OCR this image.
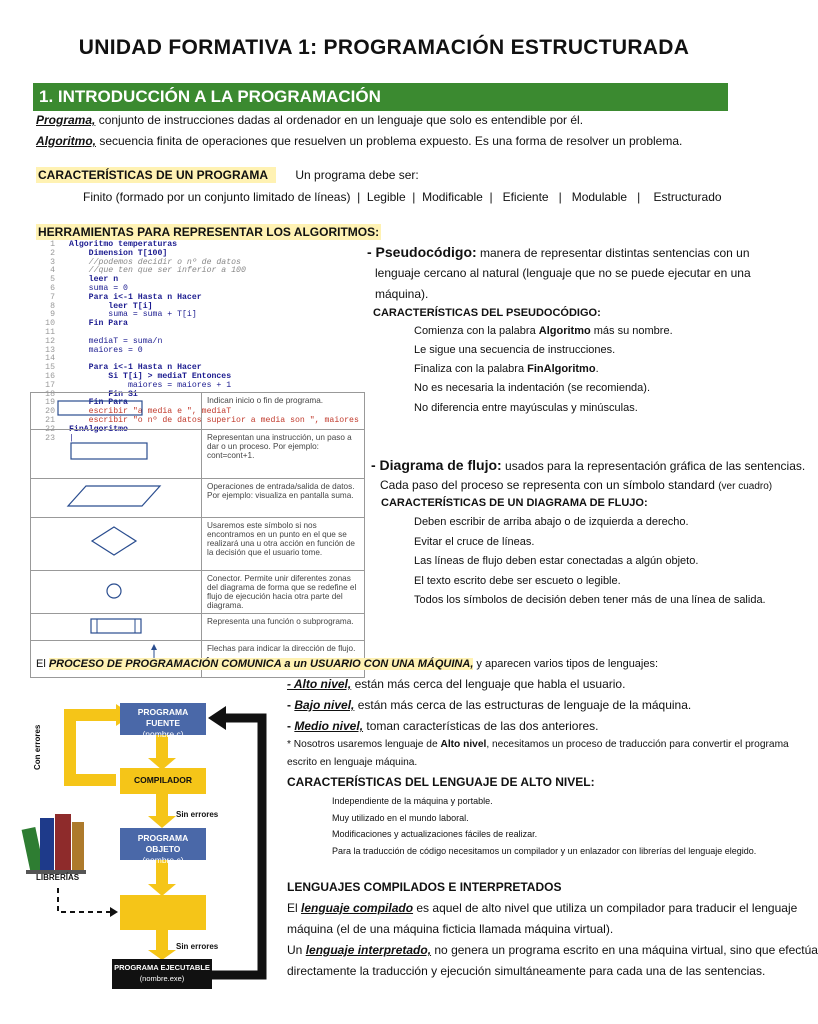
UNIDAD FORMATIVA 1: PROGRAMACIÓN ESTRUCTURADA
1. INTRODUCCIÓN A LA PROGRAMACIÓN
Programa, conjunto de instrucciones dadas al ordenador en un lenguaje que solo es entendible por él.
Algoritmo, secuencia finita de operaciones que resuelven un problema expuesto. Es una forma de resolver un problema.
CARACTERÍSTICAS DE UN PROGRAMA Un programa debe ser:
Finito (formado por un conjunto limitado de líneas)  |  Legible  |  Modificable  |   Eficiente   |   Modulable   |    Estructurado
HERRAMIENTAS PARA REPRESENTAR LOS ALGORITMOS:
1 Algoritmo temperaturas
2    Dimension T[100]
3    //podemos decidir o nº de datos
4    //que ten que ser inferior a 100
5    leer n
6    suma = 0
7    Para i<-1 Hasta n Hacer
8        leer T[i]
9        suma = suma + T[i]
10    Fin Para
11
12    mediaT = suma/n
13    maiores = 0
14
15    Para i<-1 Hasta n Hacer
16        Si T[i] > mediaT Entonces
17            maiores = maiores + 1
18        Fin Si
19    Fin Para
20    escribir "a media e ", mediaT
21    escribir "o nº de datos superior a media son ", maiores
22 FinAlgoritmo
23 |
	Indican inicio o fin de programa.
	Representan una instrucción, un paso a dar o un proceso. Por ejemplo: cont=cont+1.
	Operaciones de entrada/salida de datos. Por ejemplo: visualiza en pantalla suma.
	Usaremos este símbolo si nos encontramos en un punto en el que se realizará una u otra acción en función de la decisión que el usuario tome.
	Conector. Permite unir diferentes zonas del diagrama de forma que se redefine el flujo de ejecución hacia otra parte del diagrama.
	Representa una función o subprograma.
	Flechas para indicar la dirección de flujo.
- Pseudocódigo: manera de representar distintas sentencias con un
lenguaje cercano al natural (lenguaje que no se puede ejecutar en una
máquina).
CARACTERÍSTICAS DEL PSEUDOCÓDIGO:
Comienza con la palabra Algoritmo más su nombre.
Le sigue una secuencia de instrucciones.
Finaliza con la palabra FinAlgoritmo.
No es necesaria la indentación (se recomienda).
No diferencia entre mayúsculas y minúsculas.
- Diagrama de flujo: usados para la representación gráfica de las sentencias.
Cada paso del proceso se representa con un símbolo standard (ver cuadro)
CARACTERÍSTICAS DE UN DIAGRAMA DE FLUJO:
Deben escribir de arriba abajo o de izquierda a derecho.
Evitar el cruce de líneas.
Las líneas de flujo deben estar conectadas a algún objeto.
El texto escrito debe ser escueto o legible.
Todos los símbolos de decisión deben tener más de una línea de salida.
El PROCESO DE PROGRAMACIÓN COMUNICA a un USUARIO CON UNA MÁQUINA, y aparecen varios tipos de lenguajes:
- Alto nivel, están más cerca del lenguaje que habla el usuario.
- Bajo nivel, están más cerca de las estructuras de lenguaje de la máquina.
- Medio nivel, toman características de las dos anteriores.
* Nosotros usaremos lenguaje de Alto nivel, necesitamos un proceso de traducción para convertir el programa
escrito en lenguaje máquina.
CARACTERÍSTICAS DEL LENGUAJE DE ALTO NIVEL:
Independiente de la máquina y portable.
Muy utilizado en el mundo laboral.
Modificaciones y actualizaciones fáciles de realizar.
Para la traducción de código necesitamos un compilador y un enlazador con librerías del lenguaje elegido.
LENGUAJES COMPILADOS E INTERPRETADOS
El lenguaje compilado es aquel de alto nivel que utiliza un compilador para traducir el lenguaje
máquina (el de una máquina ficticia llamada máquina virtual).
Un lenguaje interpretado, no genera un programa escrito en una máquina virtual, sino que efectúa
directamente la traducción y ejecución simultáneamente para cada una de las sentencias.
PROGRAMA FUENTE
(nombre.c)
COMPILADOR
PROGRAMA OBJETO
(nombre.c)
PROGRAMA EJECUTABLE
(nombre.exe)
Sin errores
Sin errores
Con errores
LIBRERÍAS
